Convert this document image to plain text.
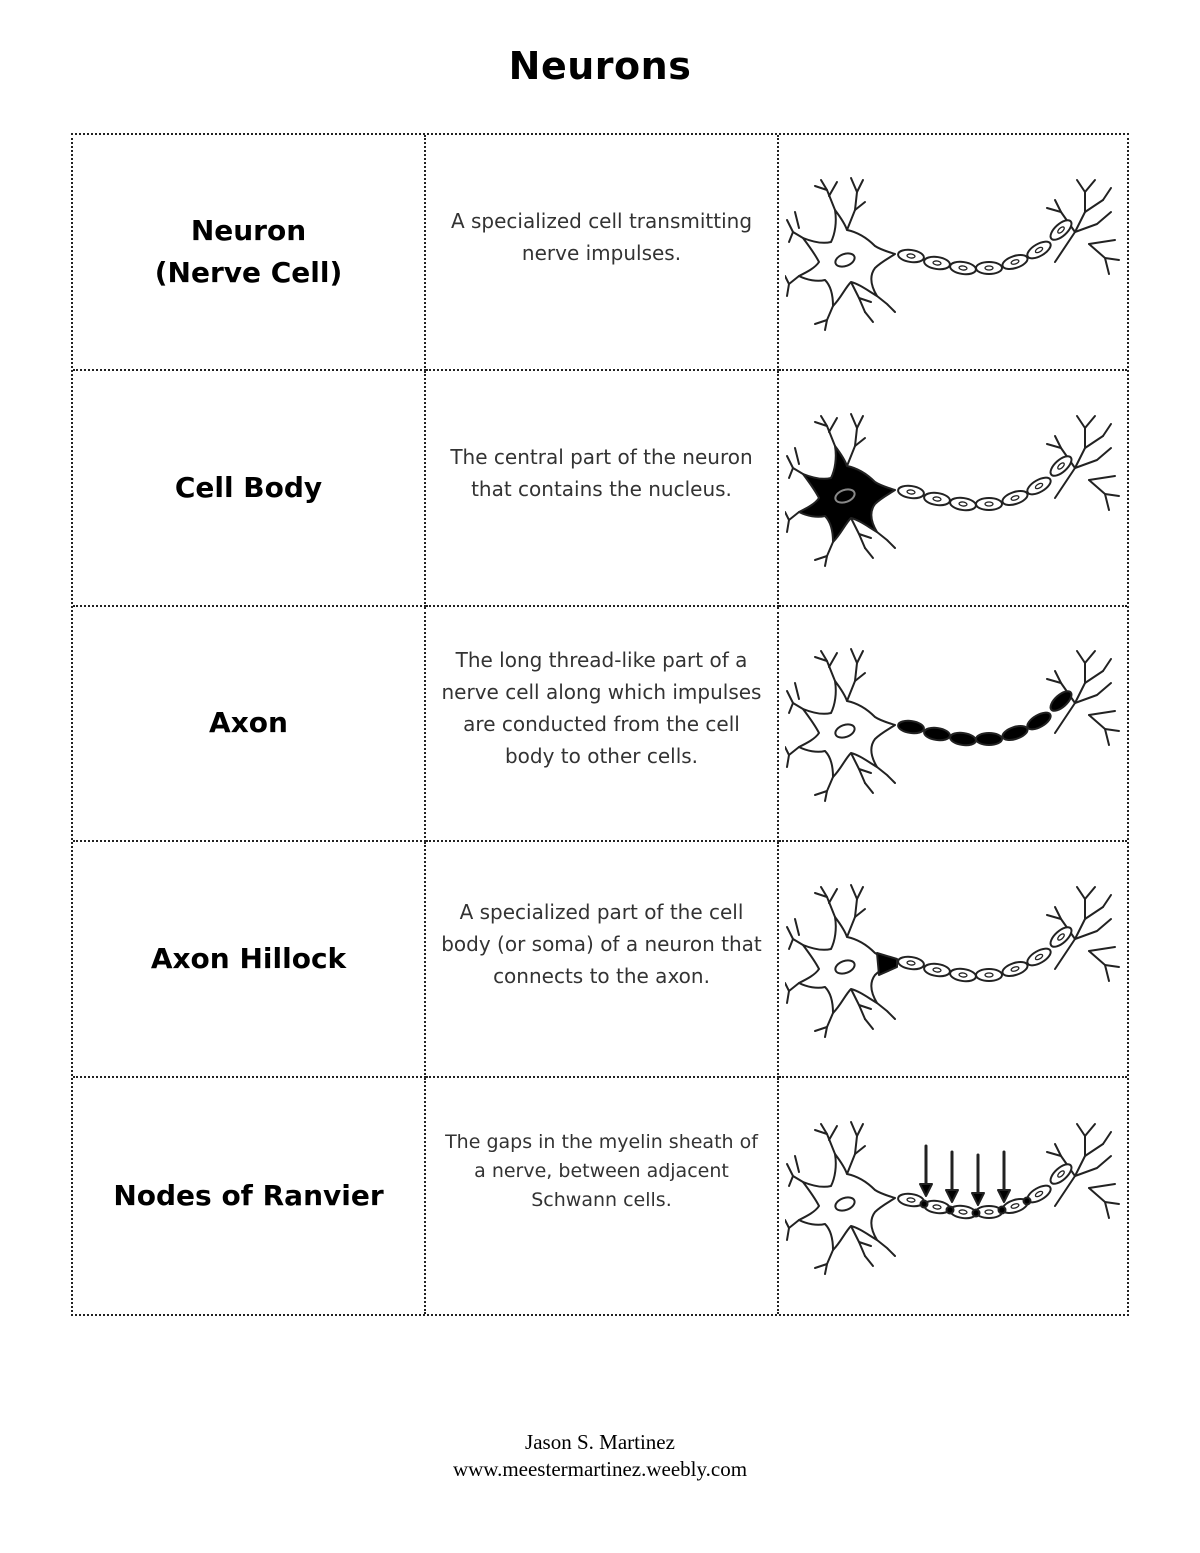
Neurons
Neuron
(Nerve Cell)
A specialized cell transmitting nerve impulses.
Cell Body
The central part of the neuron that contains the nucleus.
Axon
The long thread-like part of a nerve cell along which impulses are conducted from the cell body to other cells.
Axon Hillock
A specialized part of the cell body (or soma) of a neuron that connects to the axon.
Nodes of Ranvier
The gaps in the myelin sheath of a nerve, between adjacent Schwann cells.
Jason S. Martinez
www.meestermartinez.weebly.com
